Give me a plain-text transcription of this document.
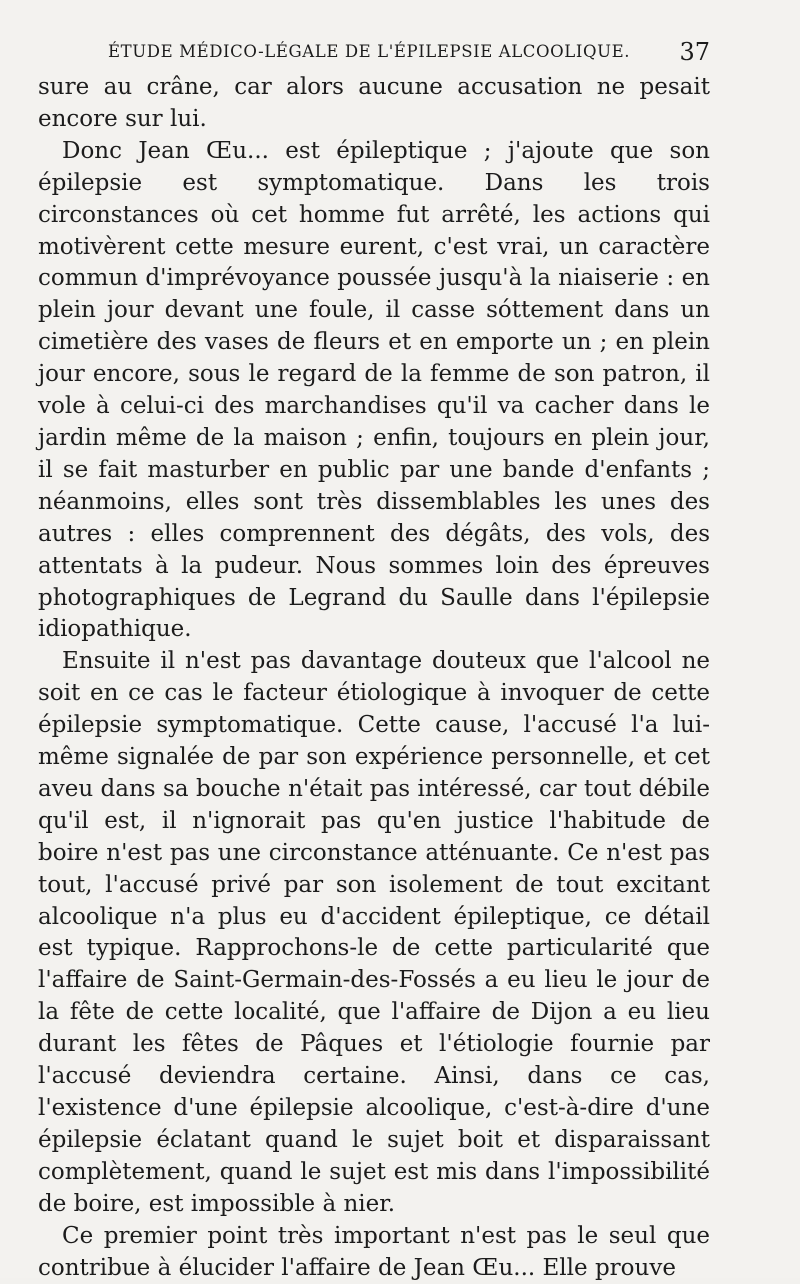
ÉTUDE MÉDICO-LÉGALE DE L'ÉPILEPSIE ALCOOLIQUE. 37

sure au crâne, car alors aucune accusation ne pesait encore sur lui.

Donc Jean Œu... est épileptique ; j'ajoute que son épilepsie est symptomatique. Dans les trois circonstances où cet homme fut arrêté, les actions qui motivèrent cette mesure eurent, c'est vrai, un caractère commun d'imprévoyance poussée jusqu'à la niaiserie : en plein jour devant une foule, il casse sóttement dans un cimetière des vases de fleurs et en emporte un ; en plein jour encore, sous le regard de la femme de son patron, il vole à celui-ci des marchandises qu'il va cacher dans le jardin même de la maison ; enfin, toujours en plein jour, il se fait masturber en public par une bande d'enfants ; néanmoins, elles sont très dissemblables les unes des autres : elles comprennent des dégâts, des vols, des attentats à la pudeur. Nous sommes loin des épreuves photographiques de Legrand du Saulle dans l'épilepsie idiopathique.

Ensuite il n'est pas davantage douteux que l'alcool ne soit en ce cas le facteur étiologique à invoquer de cette épilepsie symptomatique. Cette cause, l'accusé l'a lui-même signalée de par son expérience personnelle, et cet aveu dans sa bouche n'était pas intéressé, car tout débile qu'il est, il n'ignorait pas qu'en justice l'habitude de boire n'est pas une circonstance atténuante. Ce n'est pas tout, l'accusé privé par son isolement de tout excitant alcoolique n'a plus eu d'accident épileptique, ce détail est typique. Rapprochons-le de cette particularité que l'affaire de Saint-Germain-des-Fossés a eu lieu le jour de la fête de cette localité, que l'affaire de Dijon a eu lieu durant les fêtes de Pâques et l'étiologie fournie par l'accusé deviendra certaine. Ainsi, dans ce cas, l'existence d'une épilepsie alcoolique, c'est-à-dire d'une épilepsie éclatant quand le sujet boit et disparaissant complètement, quand le sujet est mis dans l'impossibilité de boire, est impossible à nier.

Ce premier point très important n'est pas le seul que contribue à élucider l'affaire de Jean Œu... Elle prouve
